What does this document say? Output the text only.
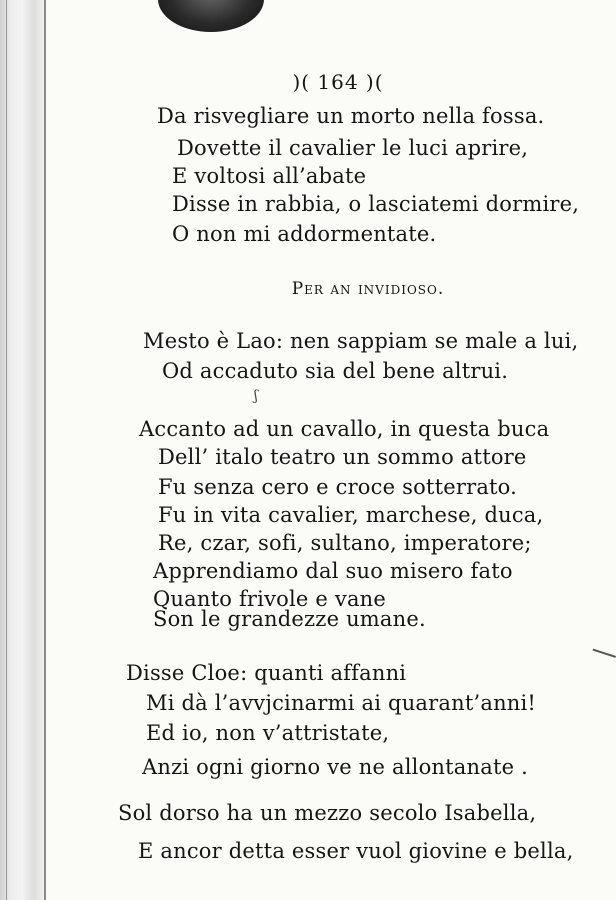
)( 164 )(
Da risvegliare un morto nella fossa.
Dovette il cavalier le luci aprire,
E voltosi all’abate
Disse in rabbia, o lasciatemi dormire,
O non mi addormentate.
Per an invidioso.
Mesto è Lao: nen sappiam se male a lui,
Od accaduto sia del bene altrui.
ʃ
Accanto ad un cavallo, in questa buca
Dell’ italo teatro un sommo attore
Fu senza cero e croce sotterrato.
Fu in vita cavalier, marchese, duca,
Re, czar, sofi, sultano, imperatore;
Apprendiamo dal suo misero fato
Quanto frivole e vane
Son le grandezze umane.
Disse Cloe: quanti affanni
Mi dà l’avvjcinarmi ai quarant’anni!
Ed io, non v’attristate,
Anzi ogni giorno ve ne allontanate .
Sol dorso ha un mezzo secolo Isabella,
E ancor detta esser vuol giovine e bella,
